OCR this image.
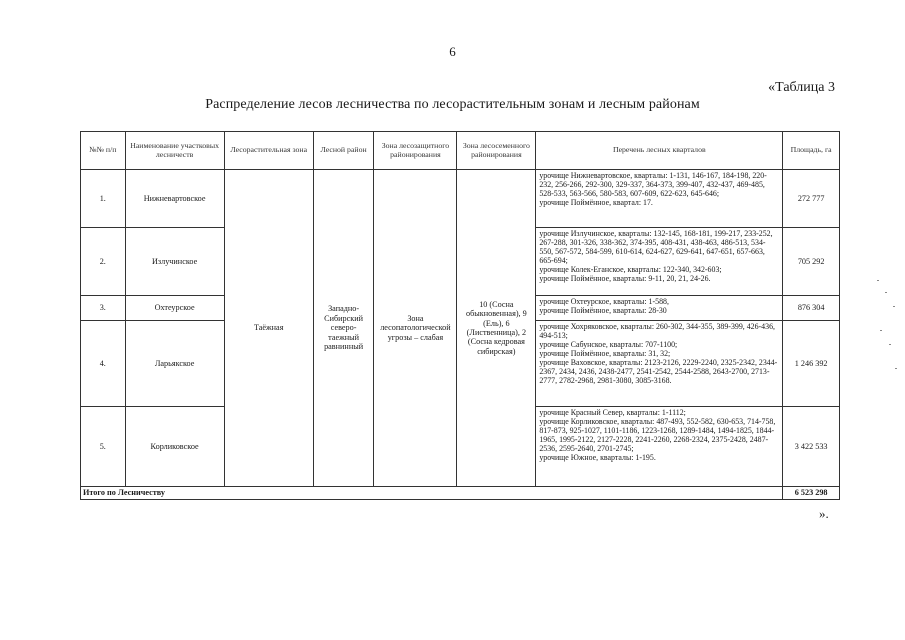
6
«Таблица 3
Распределение лесов лесничества по лесорастительным зонам и лесным районам
№№ п/п	Наименование участковых лесничеств	Лесорастительная зона	Лесной район	Зона лесозащитного районирования	Зона лесосеменного районирования	Перечень лесных кварталов	Площадь, га
1.	Нижневартовское	Таёжная	Западно-Сибирский северо-таежный равнинный	Зона лесопатологической угрозы – слабая	10 (Сосна обыкновенная), 9 (Ель), 6 (Лиственница), 2 (Сосна кедровая сибирская)	урочище Нижневартовское, кварталы: 1-131, 146-167, 184-198, 220-232, 256-266, 292-300, 329-337, 364-373, 399-407, 432-437, 469-485, 528-533, 563-566, 580-583, 607-609, 622-623, 645-646;
урочище Поймённое, квартал: 17.	272 777
2.	Излучинское					урочище Излучинское, кварталы: 132-145, 168-181, 199-217, 233-252, 267-288, 301-326, 338-362, 374-395, 408-431, 438-463, 486-513, 534-550, 567-572, 584-599, 610-614, 624-627, 629-641, 647-651, 657-663, 665-694;
урочище Колек-Еганское, кварталы: 122-340, 342-603;
урочище Поймённое, кварталы: 9-11, 20, 21, 24-26.	705 292
3.	Охтеурское					урочище Охтеурское, кварталы: 1-588,
урочище Поймённое, кварталы: 28-30	876 304
4.	Ларьякское					урочище Хохряковское, кварталы: 260-302, 344-355, 389-399, 426-436, 494-513;
урочище Сабунское, кварталы: 707-1100;
урочище Поймённое, кварталы: 31, 32;
урочище Ваховское, кварталы: 2123-2126, 2229-2240, 2325-2342, 2344-2367, 2434, 2436, 2438-2477, 2541-2542, 2544-2588, 2643-2700, 2713-2777, 2782-2968, 2981-3080, 3085-3168.	1 246 392
5.	Корликовское					урочище Красный Север, кварталы: 1-1112;
урочище Корликовское, кварталы: 487-493, 552-582, 630-653, 714-758, 817-873, 925-1027, 1101-1186, 1223-1268, 1289-1484, 1494-1825, 1844-1965, 1995-2122, 2127-2228, 2241-2260, 2268-2324, 2375-2428, 2487-2536, 2595-2640, 2701-2745;
урочище Южное, кварталы: 1-195.	3 422 533
Итого по Лесничеству							6 523 298
».
